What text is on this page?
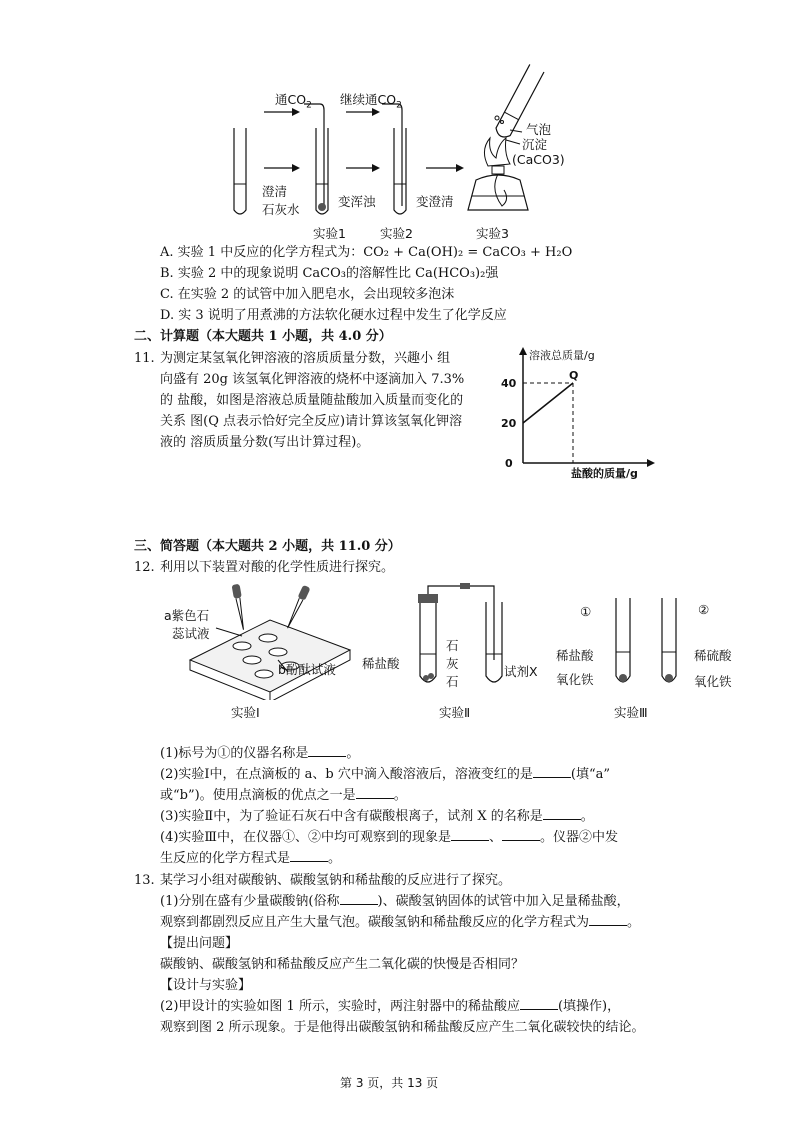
通$CO_2$ 继续通$CO_2$
澄清
石灰水
变浑浊	变澄清
气泡
沉淀
(CaCO3)
实验1	实验2	实验3
A. 实验 1 中反应的化学方程式为：CO₂ + Ca(OH)₂ = CaCO₃ + H₂O
B. 实验 2 中的现象说明 CaCO₃的溶解性比 Ca(HCO₃)₂强
C. 在实验 2 的试管中加入肥皂水，会出现较多泡沫
D. 实 3 说明了用煮沸的方法软化硬水过程中发生了化学反应
二、计算题（本大题共 1 小题，共 4.0 分）
11. 为测定某氢氧化钾溶液的溶质质量分数，兴趣小 组
向盛有 20g 该氢氧化钾溶液的烧杯中逐滴加入 7.3%
的 盐酸，如图是溶液总质量随盐酸加入质量而变化的
关系 图(Q 点表示恰好完全反应)请计算该氢氧化钾溶
液的 溶质质量分数(写出计算过程)。
溶液总质量/g
盐酸的质量/g
0
20
40
Q
三、简答题（本大题共 2 小题，共 11.0 分）
12. 利用以下装置对酸的化学性质进行探究。
a紫色石
蕊试液
b酚酞试液 稀盐酸
石
灰
石
试剂X
①	②
稀盐酸
氧化铁
稀硫酸
氧化铁
实验Ⅰ	实验Ⅱ	实验Ⅲ
(1)标号为①的仪器名称是	。
(2)实验Ⅰ中，在点滴板的 a、b 穴中滴入酸溶液后，溶液变红的是	(填“a”
或“b”)。使用点滴板的优点之一是	。
(3)实验Ⅱ中，为了验证石灰石中含有碳酸根离子，试剂 X 的名称是	。
(4)实验Ⅲ中，在仪器①、②中均可观察到的现象是	、	。仪器②中发
生反应的化学方程式是	。
13. 某学习小组对碳酸钠、碳酸氢钠和稀盐酸的反应进行了探究。
(1)分别在盛有少量碳酸钠(俗称	)、碳酸氢钠固体的试管中加入足量稀盐酸，
观察到都剧烈反应且产生大量气泡。碳酸氢钠和稀盐酸反应的化学方程式为	。
【提出问题】
碳酸钠、碳酸氢钠和稀盐酸反应产生二氧化碳的快慢是否相同？
【设计与实验】
(2)甲设计的实验如图 1 所示，实验时，两注射器中的稀盐酸应	(填操作)，
观察到图 2 所示现象。于是他得出碳酸氢钠和稀盐酸反应产生二氧化碳较快的结论。
第 3 页，共 13 页
